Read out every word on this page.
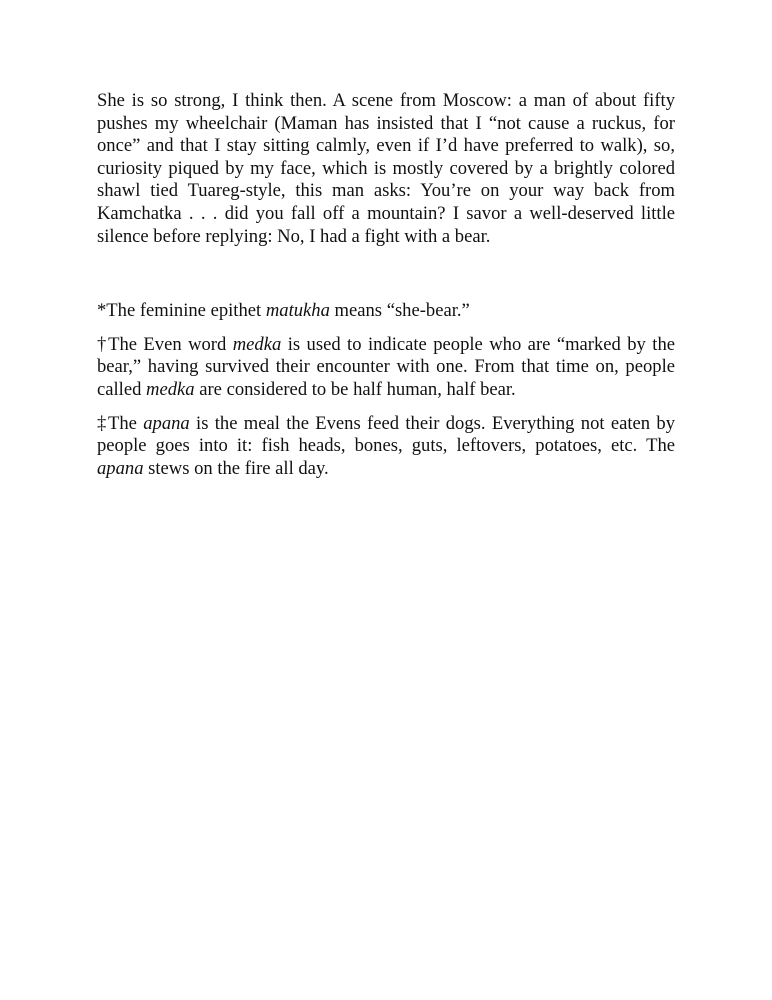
She is so strong, I think then. A scene from Moscow: a man of about fifty pushes my wheelchair (Maman has insisted that I “not cause a ruckus, for once” and that I stay sitting calmly, even if I’d have preferred to walk), so, curiosity piqued by my face, which is mostly covered by a brightly colored shawl tied Tuareg-style, this man asks: You’re on your way back from Kamchatka . . . did you fall off a mountain? I savor a well-deserved little silence before replying: No, I had a fight with a bear.

*The feminine epithet matukha means “she-bear.”

†The Even word medka is used to indicate people who are “marked by the bear,” having survived their encounter with one. From that time on, people called medka are considered to be half human, half bear.

‡The apana is the meal the Evens feed their dogs. Everything not eaten by people goes into it: fish heads, bones, guts, leftovers, potatoes, etc. The apana stews on the fire all day.
